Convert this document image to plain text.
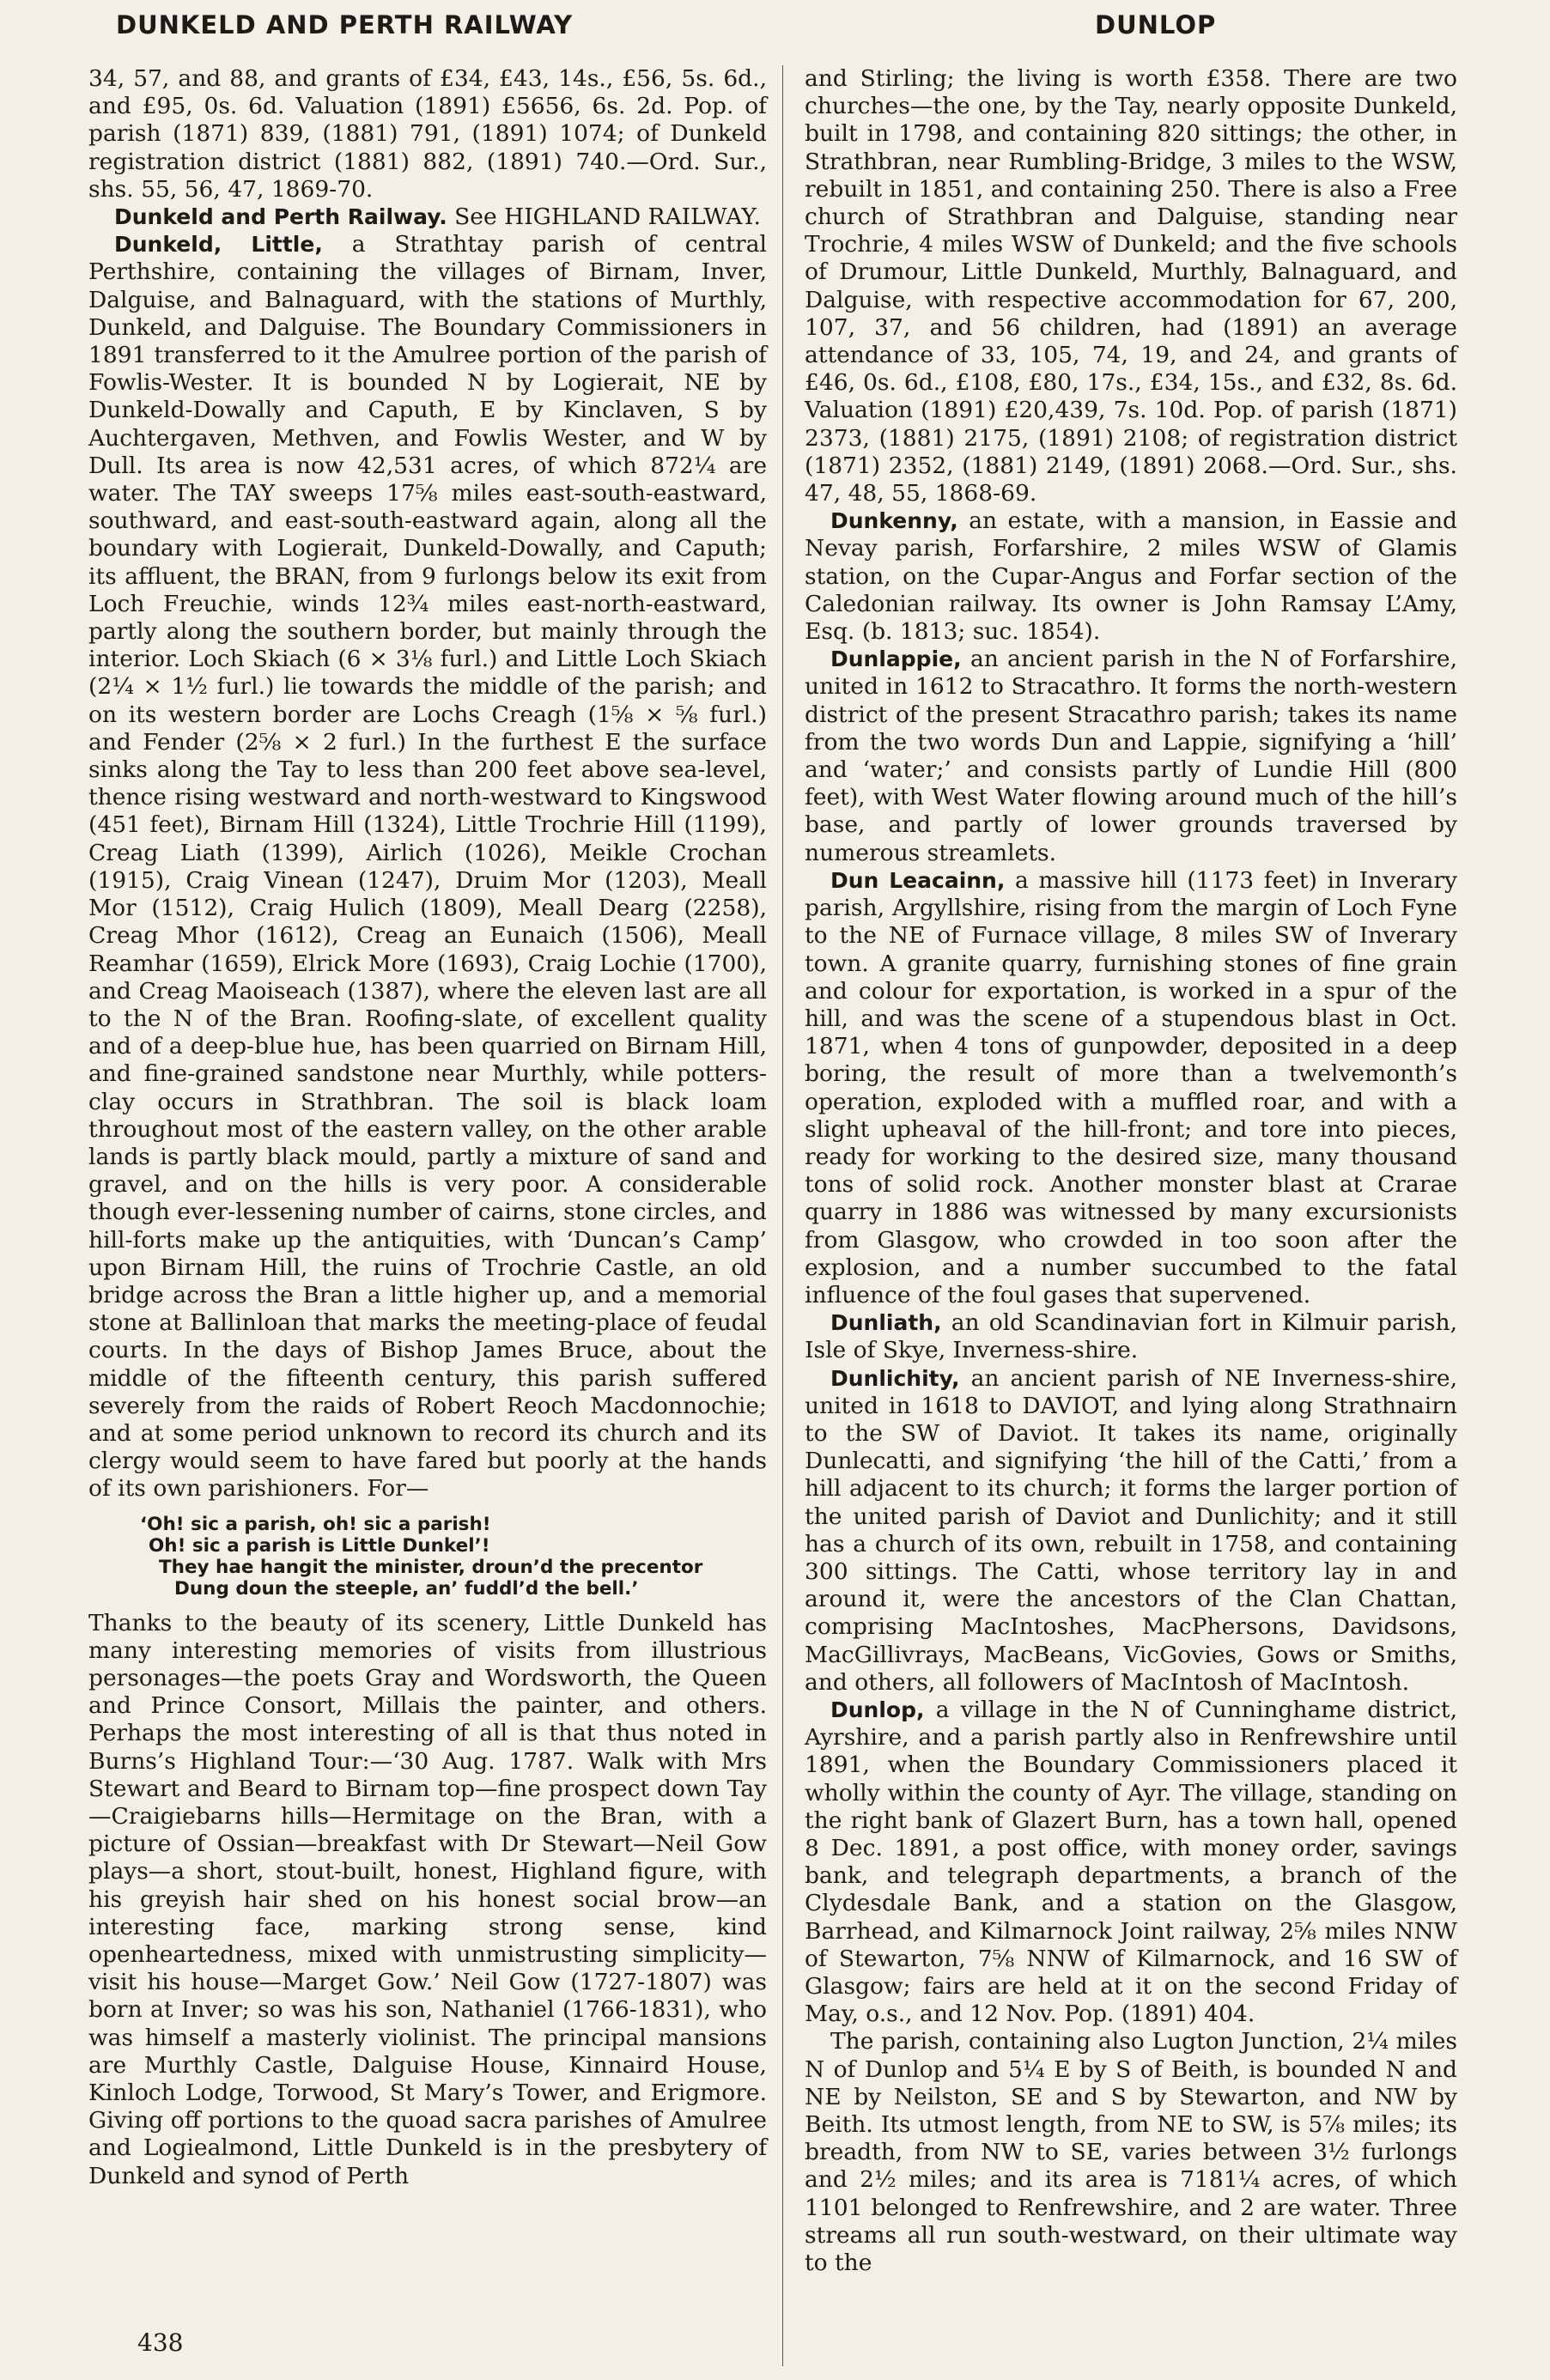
DUNKELD AND PERTH RAILWAY	DUNLOP

34, 57, and 88, and grants of £34, £43, 14s., £56, 5s. 6d., and £95, 0s. 6d. Valuation (1891) £5656, 6s. 2d. Pop. of parish (1871) 839, (1881) 791, (1891) 1074; of Dunkeld registration district (1881) 882, (1891) 740.—Ord. Sur., shs. 55, 56, 47, 1869-70.

Dunkeld and Perth Railway. See HIGHLAND RAILWAY.

Dunkeld, Little, a Strathtay parish of central Perthshire, containing the villages of Birnam, Inver, Dalguise, and Balnaguard, with the stations of Murthly, Dunkeld, and Dalguise. The Boundary Commissioners in 1891 transferred to it the Amulree portion of the parish of Fowlis-Wester. It is bounded N by Logierait, NE by Dunkeld-Dowally and Caputh, E by Kinclaven, S by Auchtergaven, Methven, and Fowlis Wester, and W by Dull. Its area is now 42,531 acres, of which 872¼ are water. The TAY sweeps 17⅝ miles east-south-eastward, southward, and east-south-eastward again, along all the boundary with Logierait, Dunkeld-Dowally, and Caputh; its affluent, the BRAN, from 9 furlongs below its exit from Loch Freuchie, winds 12¾ miles east-north-eastward, partly along the southern border, but mainly through the interior. Loch Skiach (6 × 3⅛ furl.) and Little Loch Skiach (2¼ × 1½ furl.) lie towards the middle of the parish; and on its western border are Lochs Creagh (1⅝ × ⅝ furl.) and Fender (2⅝ × 2 furl.) In the furthest E the surface sinks along the Tay to less than 200 feet above sea-level, thence rising westward and north-westward to Kingswood (451 feet), Birnam Hill (1324), Little Trochrie Hill (1199), Creag Liath (1399), Airlich (1026), Meikle Crochan (1915), Craig Vinean (1247), Druim Mor (1203), Meall Mor (1512), Craig Hulich (1809), Meall Dearg (2258), Creag Mhor (1612), Creag an Eunaich (1506), Meall Reamhar (1659), Elrick More (1693), Craig Lochie (1700), and Creag Maoiseach (1387), where the eleven last are all to the N of the Bran. Roofing-slate, of excellent quality and of a deep-blue hue, has been quarried on Birnam Hill, and fine-grained sandstone near Murthly, while potters-clay occurs in Strathbran. The soil is black loam throughout most of the eastern valley, on the other arable lands is partly black mould, partly a mixture of sand and gravel, and on the hills is very poor. A considerable though ever-lessening number of cairns, stone circles, and hill-forts make up the antiquities, with ‘Duncan’s Camp’ upon Birnam Hill, the ruins of Trochrie Castle, an old bridge across the Bran a little higher up, and a memorial stone at Ballinloan that marks the meeting-place of feudal courts. In the days of Bishop James Bruce, about the middle of the fifteenth century, this parish suffered severely from the raids of Robert Reoch Macdonnochie; and at some period unknown to record its church and its clergy would seem to have fared but poorly at the hands of its own parishioners. For—

‘Oh! sic a parish, oh! sic a parish!
Oh! sic a parish is Little Dunkel’!
They hae hangit the minister, droun’d the precentor
Dung doun the steeple, an’ fuddl’d the bell.’

Thanks to the beauty of its scenery, Little Dunkeld has many interesting memories of visits from illustrious personages—the poets Gray and Wordsworth, the Queen and Prince Consort, Millais the painter, and others. Perhaps the most interesting of all is that thus noted in Burns’s Highland Tour:—‘30 Aug. 1787. Walk with Mrs Stewart and Beard to Birnam top—fine prospect down Tay—Craigiebarns hills—Hermitage on the Bran, with a picture of Ossian—breakfast with Dr Stewart—Neil Gow plays—a short, stout-built, honest, Highland figure, with his greyish hair shed on his honest social brow—an interesting face, marking strong sense, kind openheartedness, mixed with unmistrusting simplicity—visit his house—Marget Gow.’ Neil Gow (1727-1807) was born at Inver; so was his son, Nathaniel (1766-1831), who was himself a masterly violinist. The principal mansions are Murthly Castle, Dalguise House, Kinnaird House, Kinloch Lodge, Torwood, St Mary’s Tower, and Erigmore. Giving off portions to the quoad sacra parishes of Amulree and Logiealmond, Little Dunkeld is in the presbytery of Dunkeld and synod of Perth

and Stirling; the living is worth £358. There are two churches—the one, by the Tay, nearly opposite Dunkeld, built in 1798, and containing 820 sittings; the other, in Strathbran, near Rumbling-Bridge, 3 miles to the WSW, rebuilt in 1851, and containing 250. There is also a Free church of Strathbran and Dalguise, standing near Trochrie, 4 miles WSW of Dunkeld; and the five schools of Drumour, Little Dunkeld, Murthly, Balnaguard, and Dalguise, with respective accommodation for 67, 200, 107, 37, and 56 children, had (1891) an average attendance of 33, 105, 74, 19, and 24, and grants of £46, 0s. 6d., £108, £80, 17s., £34, 15s., and £32, 8s. 6d. Valuation (1891) £20,439, 7s. 10d. Pop. of parish (1871) 2373, (1881) 2175, (1891) 2108; of registration district (1871) 2352, (1881) 2149, (1891) 2068.—Ord. Sur., shs. 47, 48, 55, 1868-69.

Dunkenny, an estate, with a mansion, in Eassie and Nevay parish, Forfarshire, 2 miles WSW of Glamis station, on the Cupar-Angus and Forfar section of the Caledonian railway. Its owner is John Ramsay L’Amy, Esq. (b. 1813; suc. 1854).

Dunlappie, an ancient parish in the N of Forfarshire, united in 1612 to Stracathro. It forms the north-western district of the present Stracathro parish; takes its name from the two words Dun and Lappie, signifying a ‘hill’ and ‘water;’ and consists partly of Lundie Hill (800 feet), with West Water flowing around much of the hill’s base, and partly of lower grounds traversed by numerous streamlets.

Dun Leacainn, a massive hill (1173 feet) in Inverary parish, Argyllshire, rising from the margin of Loch Fyne to the NE of Furnace village, 8 miles SW of Inverary town. A granite quarry, furnishing stones of fine grain and colour for exportation, is worked in a spur of the hill, and was the scene of a stupendous blast in Oct. 1871, when 4 tons of gunpowder, deposited in a deep boring, the result of more than a twelvemonth’s operation, exploded with a muffled roar, and with a slight upheaval of the hill-front; and tore into pieces, ready for working to the desired size, many thousand tons of solid rock. Another monster blast at Crarae quarry in 1886 was witnessed by many excursionists from Glasgow, who crowded in too soon after the explosion, and a number succumbed to the fatal influence of the foul gases that supervened.

Dunliath, an old Scandinavian fort in Kilmuir parish, Isle of Skye, Inverness-shire.

Dunlichity, an ancient parish of NE Inverness-shire, united in 1618 to DAVIOT, and lying along Strathnairn to the SW of Daviot. It takes its name, originally Dunlecatti, and signifying ‘the hill of the Catti,’ from a hill adjacent to its church; it forms the larger portion of the united parish of Daviot and Dunlichity; and it still has a church of its own, rebuilt in 1758, and containing 300 sittings. The Catti, whose territory lay in and around it, were the ancestors of the Clan Chattan, comprising MacIntoshes, MacPhersons, Davidsons, MacGillivrays, MacBeans, VicGovies, Gows or Smiths, and others, all followers of MacIntosh of MacIntosh.

Dunlop, a village in the N of Cunninghame district, Ayrshire, and a parish partly also in Renfrewshire until 1891, when the Boundary Commissioners placed it wholly within the county of Ayr. The village, standing on the right bank of Glazert Burn, has a town hall, opened 8 Dec. 1891, a post office, with money order, savings bank, and telegraph departments, a branch of the Clydesdale Bank, and a station on the Glasgow, Barrhead, and Kilmarnock Joint railway, 2⅝ miles NNW of Stewarton, 7⅝ NNW of Kilmarnock, and 16 SW of Glasgow; fairs are held at it on the second Friday of May, o.s., and 12 Nov. Pop. (1891) 404.

The parish, containing also Lugton Junction, 2¼ miles N of Dunlop and 5¼ E by S of Beith, is bounded N and NE by Neilston, SE and S by Stewarton, and NW by Beith. Its utmost length, from NE to SW, is 5⅞ miles; its breadth, from NW to SE, varies between 3½ furlongs and 2½ miles; and its area is 7181¼ acres, of which 1101 belonged to Renfrewshire, and 2 are water. Three streams all run south-westward, on their ultimate way to the

438
